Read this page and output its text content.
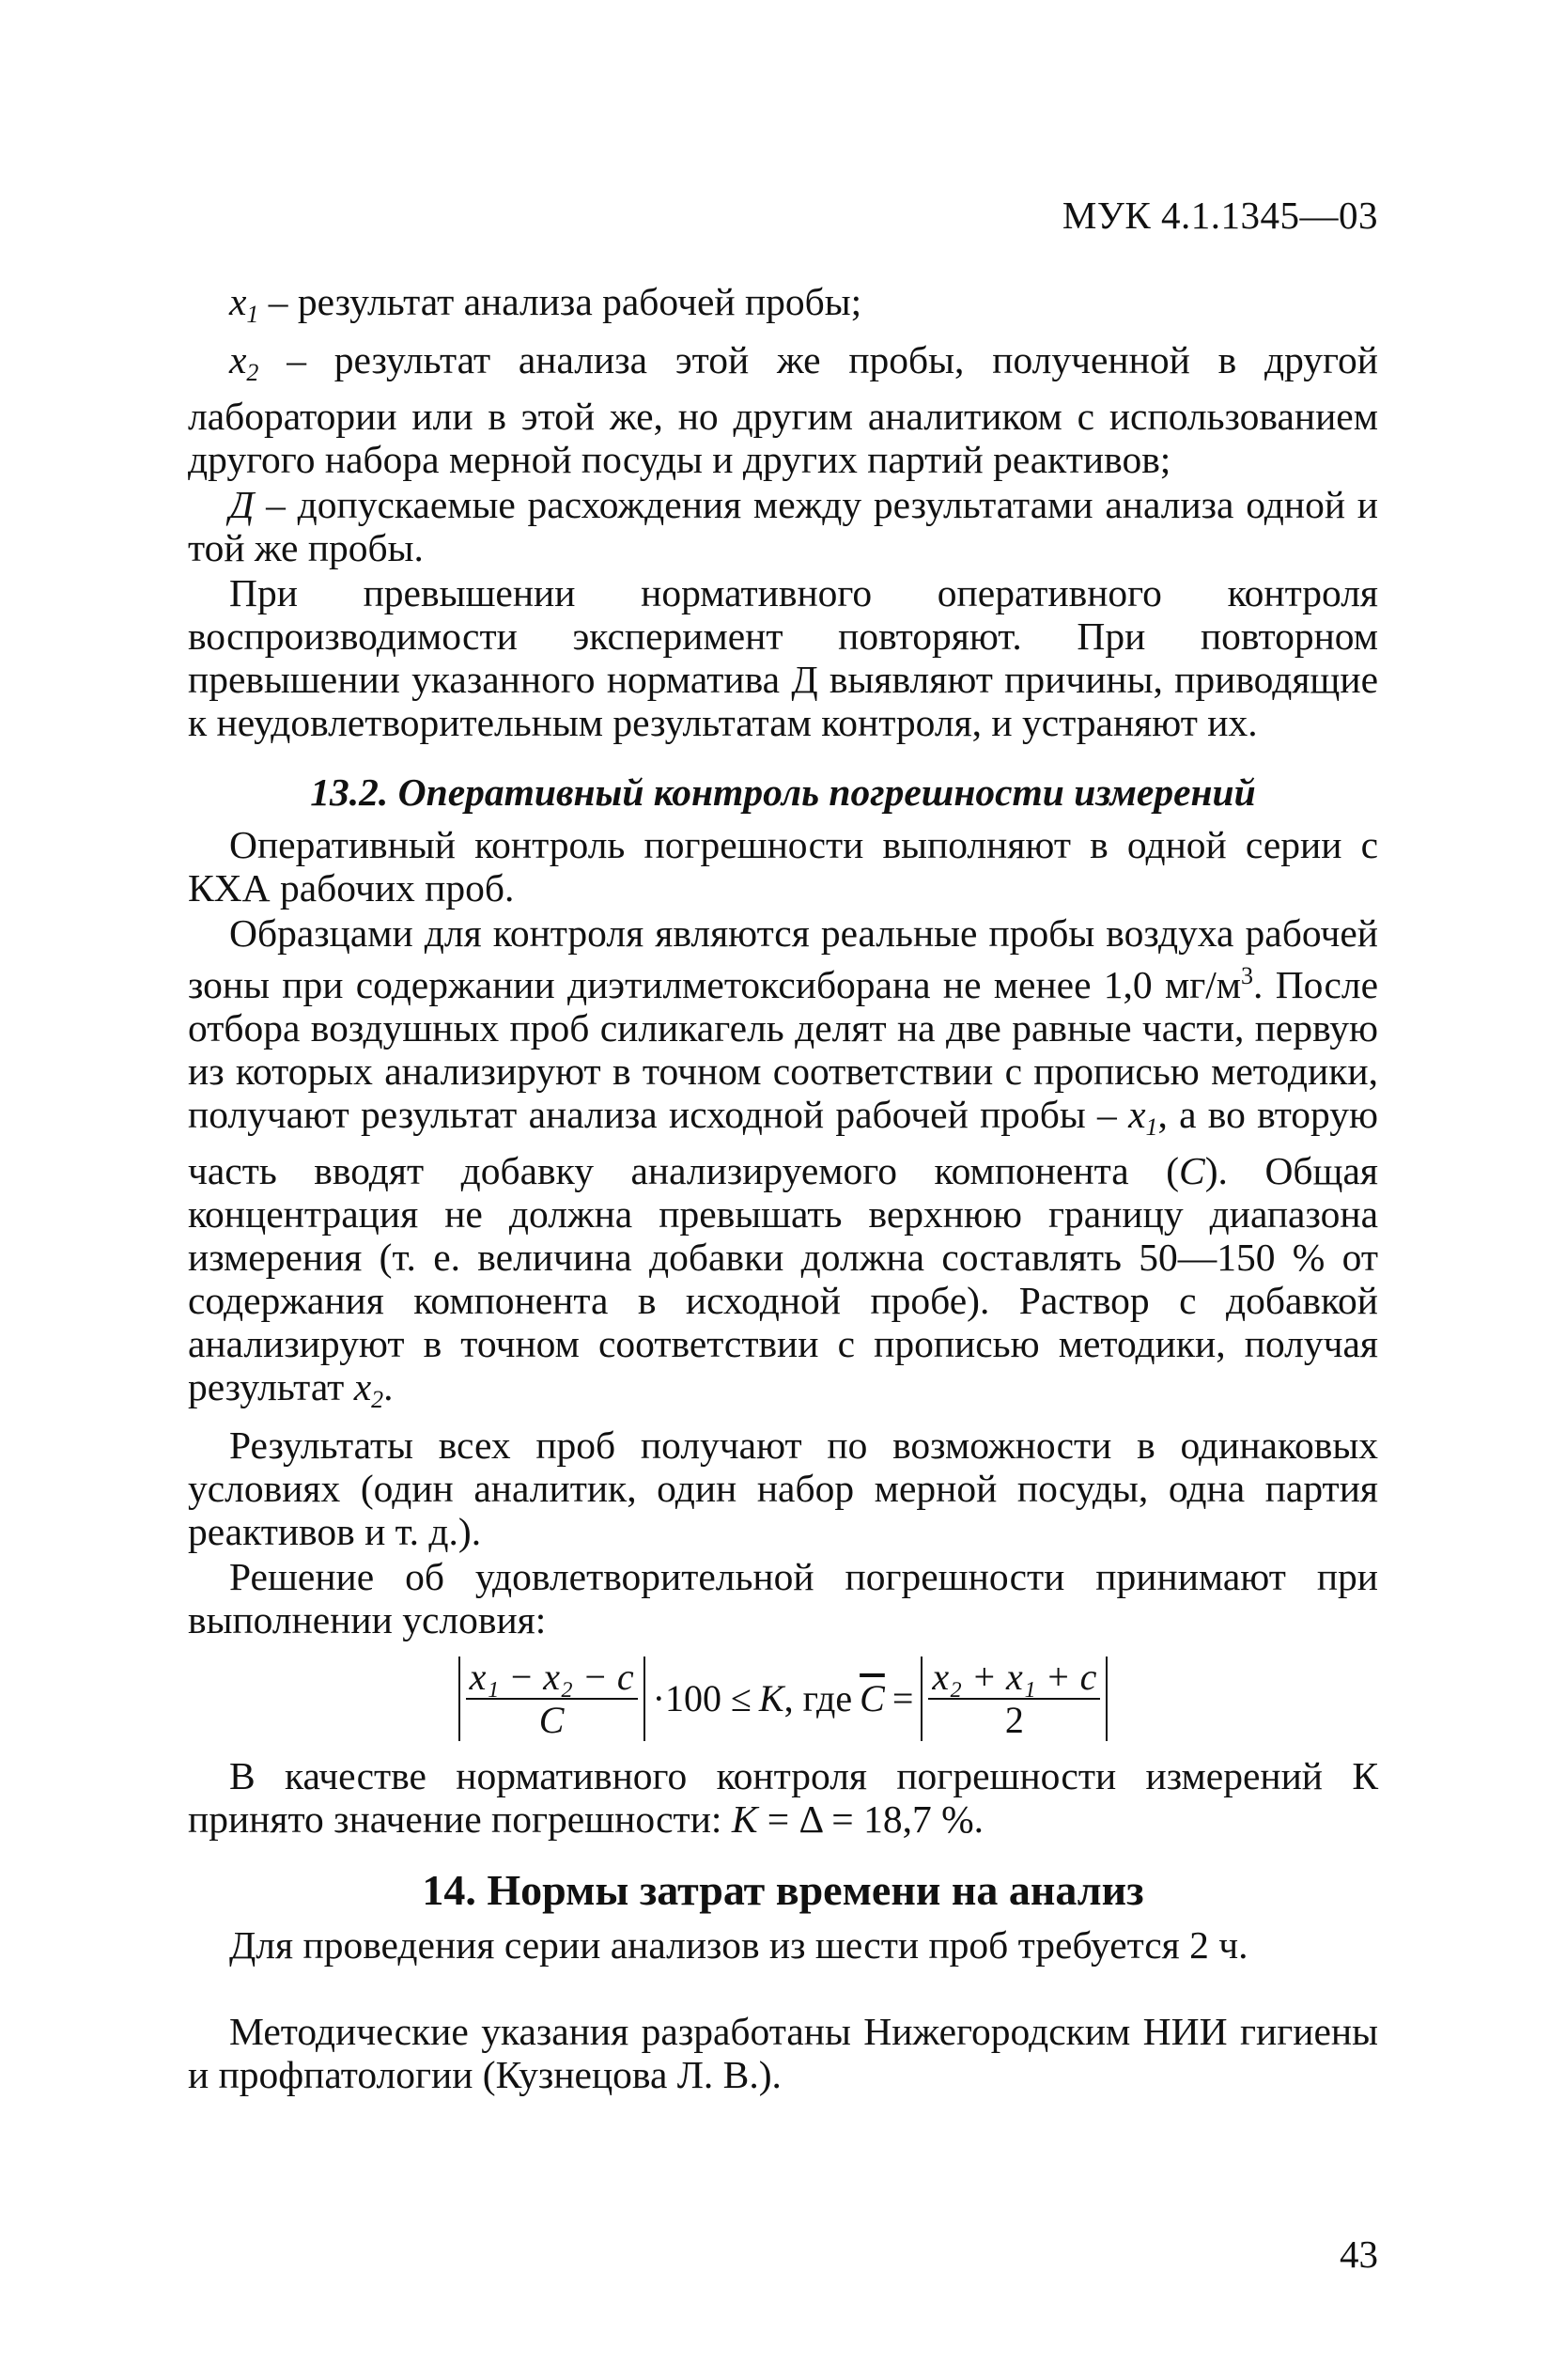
МУК 4.1.1345—03

$x_1$ – результат анализа рабочей пробы;

$x_2$ – результат анализа этой же пробы, полученной в другой лаборатории или в этой же, но другим аналитиком с использованием другого набора мерной посуды и других партий реактивов;

Д – допускаемые расхождения между результатами анализа одной и той же пробы.

При превышении нормативного оперативного контроля воспроизводимости эксперимент повторяют. При повторном превышении указанного норматива Д выявляют причины, приводящие к неудовлетворительным результатам контроля, и устраняют их.

13.2. Оперативный контроль погрешности измерений

Оперативный контроль погрешности выполняют в одной серии с КХА рабочих проб.

Образцами для контроля являются реальные пробы воздуха рабочей зоны при содержании диэтилметоксиборана не менее 1,0 $мг/м^3$. После отбора воздушных проб силикагель делят на две равные части, первую из которых анализируют в точном соответствии с прописью методики, получают результат анализа исходной рабочей пробы – $x_1$, а во вторую часть вводят добавку анализируемого компонента (С). Общая концентрация не должна превышать верхнюю границу диапазона измерения (т. е. величина добавки должна составлять 50—150 % от содержания компонента в исходной пробе). Раствор с добавкой анализируют в точном соответствии с прописью методики, получая результат $x_2$.

Результаты всех проб получают по возможности в одинаковых условиях (один аналитик, один набор мерной посуды, одна партия реактивов и т. д.).

Решение об удовлетворительной погрешности принимают при выполнении условия:

$\frac{\text{x₁ − x₂ − c}}{C} \cdot 100 \le K$ , где $\overline{C} = \frac{\text{x₂ + x₁ + c}}{2}$

В качестве нормативного контроля погрешности измерений К принято значение погрешности: К = Δ = 18,7 %.

14. Нормы затрат времени на анализ

Для проведения серии анализов из шести проб требуется 2 ч.

Методические указания разработаны Нижегородским НИИ гигиены и профпатологии (Кузнецова Л. В.).

43
